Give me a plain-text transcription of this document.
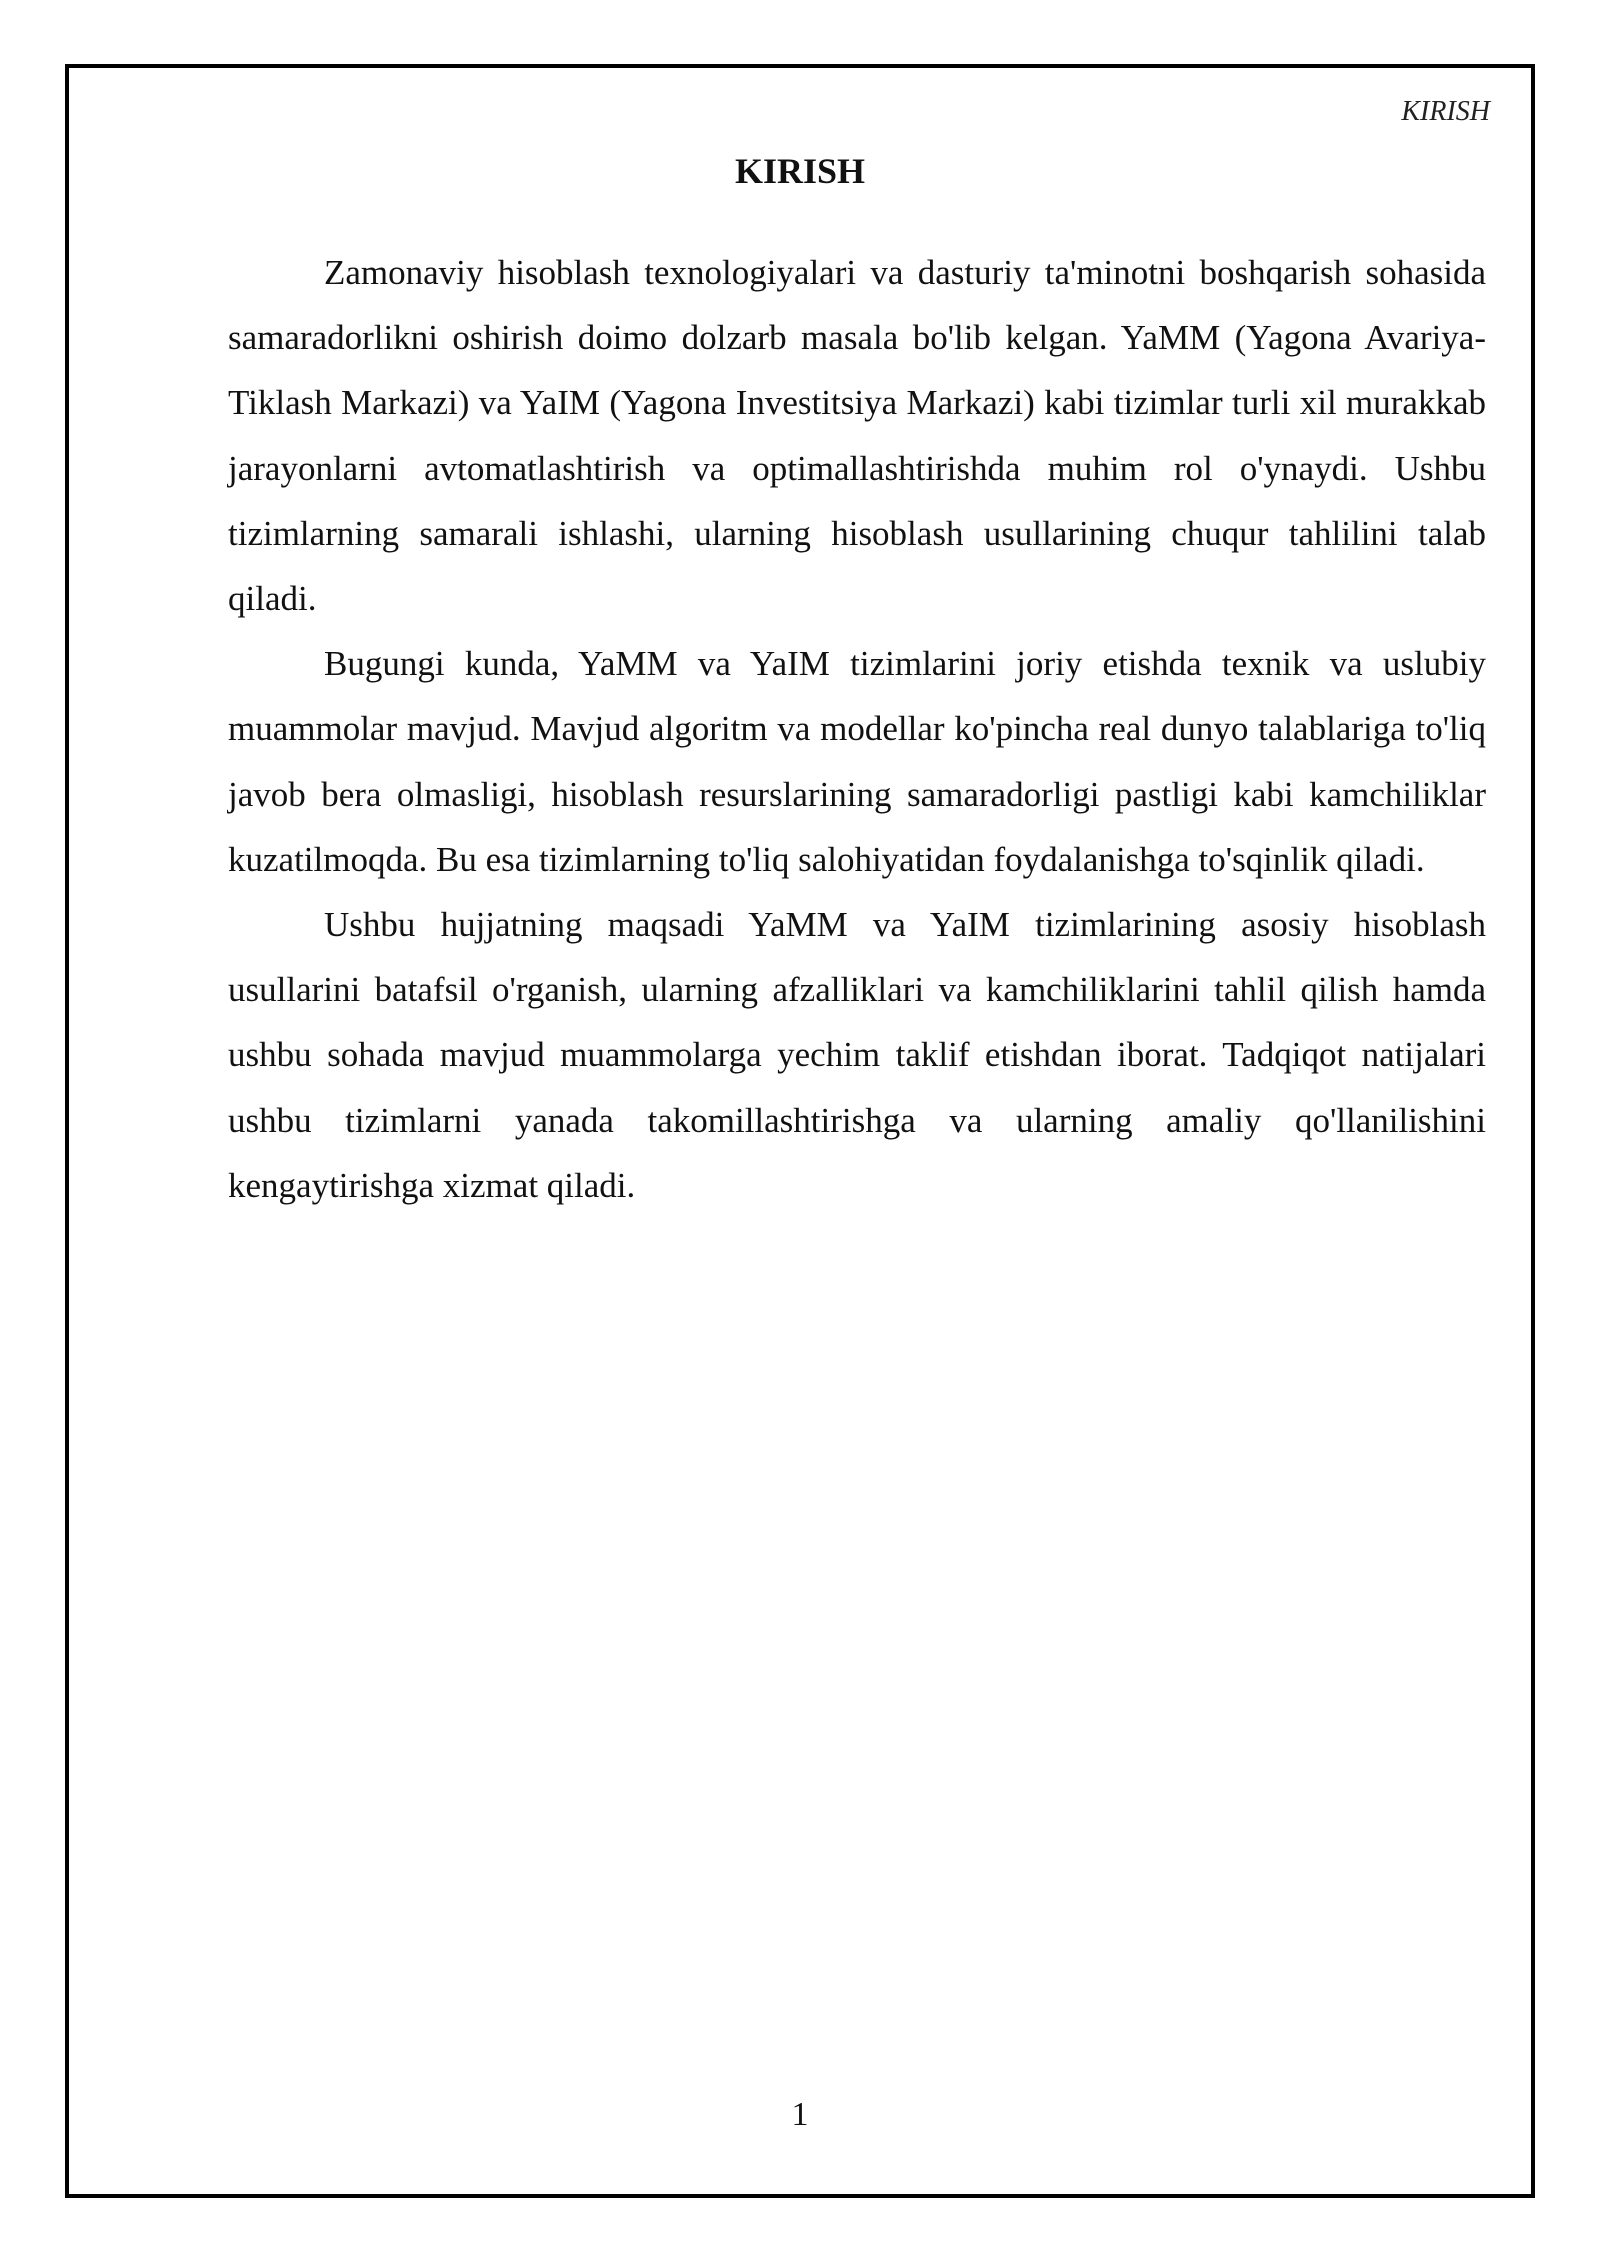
KIRISH
KIRISH

Zamonaviy hisoblash texnologiyalari va dasturiy ta'minotni boshqarish sohasida samaradorlikni oshirish doimo dolzarb masala bo'lib kelgan. YaMM (Yagona Avariya-Tiklash Markazi) va YaIM (Yagona Investitsiya Markazi) kabi tizimlar turli xil murakkab jarayonlarni avtomatlashtirish va optimallashtirishda muhim rol o'ynaydi. Ushbu tizimlarning samarali ishlashi, ularning hisoblash usullarining chuqur tahlilini talab qiladi.

Bugungi kunda, YaMM va YaIM tizimlarini joriy etishda texnik va uslubiy muammolar mavjud. Mavjud algoritm va modellar ko'pincha real dunyo talablariga to'liq javob bera olmasligi, hisoblash resurslarining samaradorligi pastligi kabi kamchiliklar kuzatilmoqda. Bu esa tizimlarning to'liq salohiyatidan foydalanishga to'sqinlik qiladi.

Ushbu hujjatning maqsadi YaMM va YaIM tizimlarining asosiy hisoblash usullarini batafsil o'rganish, ularning afzalliklari va kamchiliklarini tahlil qilish hamda ushbu sohada mavjud muammolarga yechim taklif etishdan iborat. Tadqiqot natijalari ushbu tizimlarni yanada takomillashtirishga va ularning amaliy qo'llanilishini kengaytirishga xizmat qiladi.

1
